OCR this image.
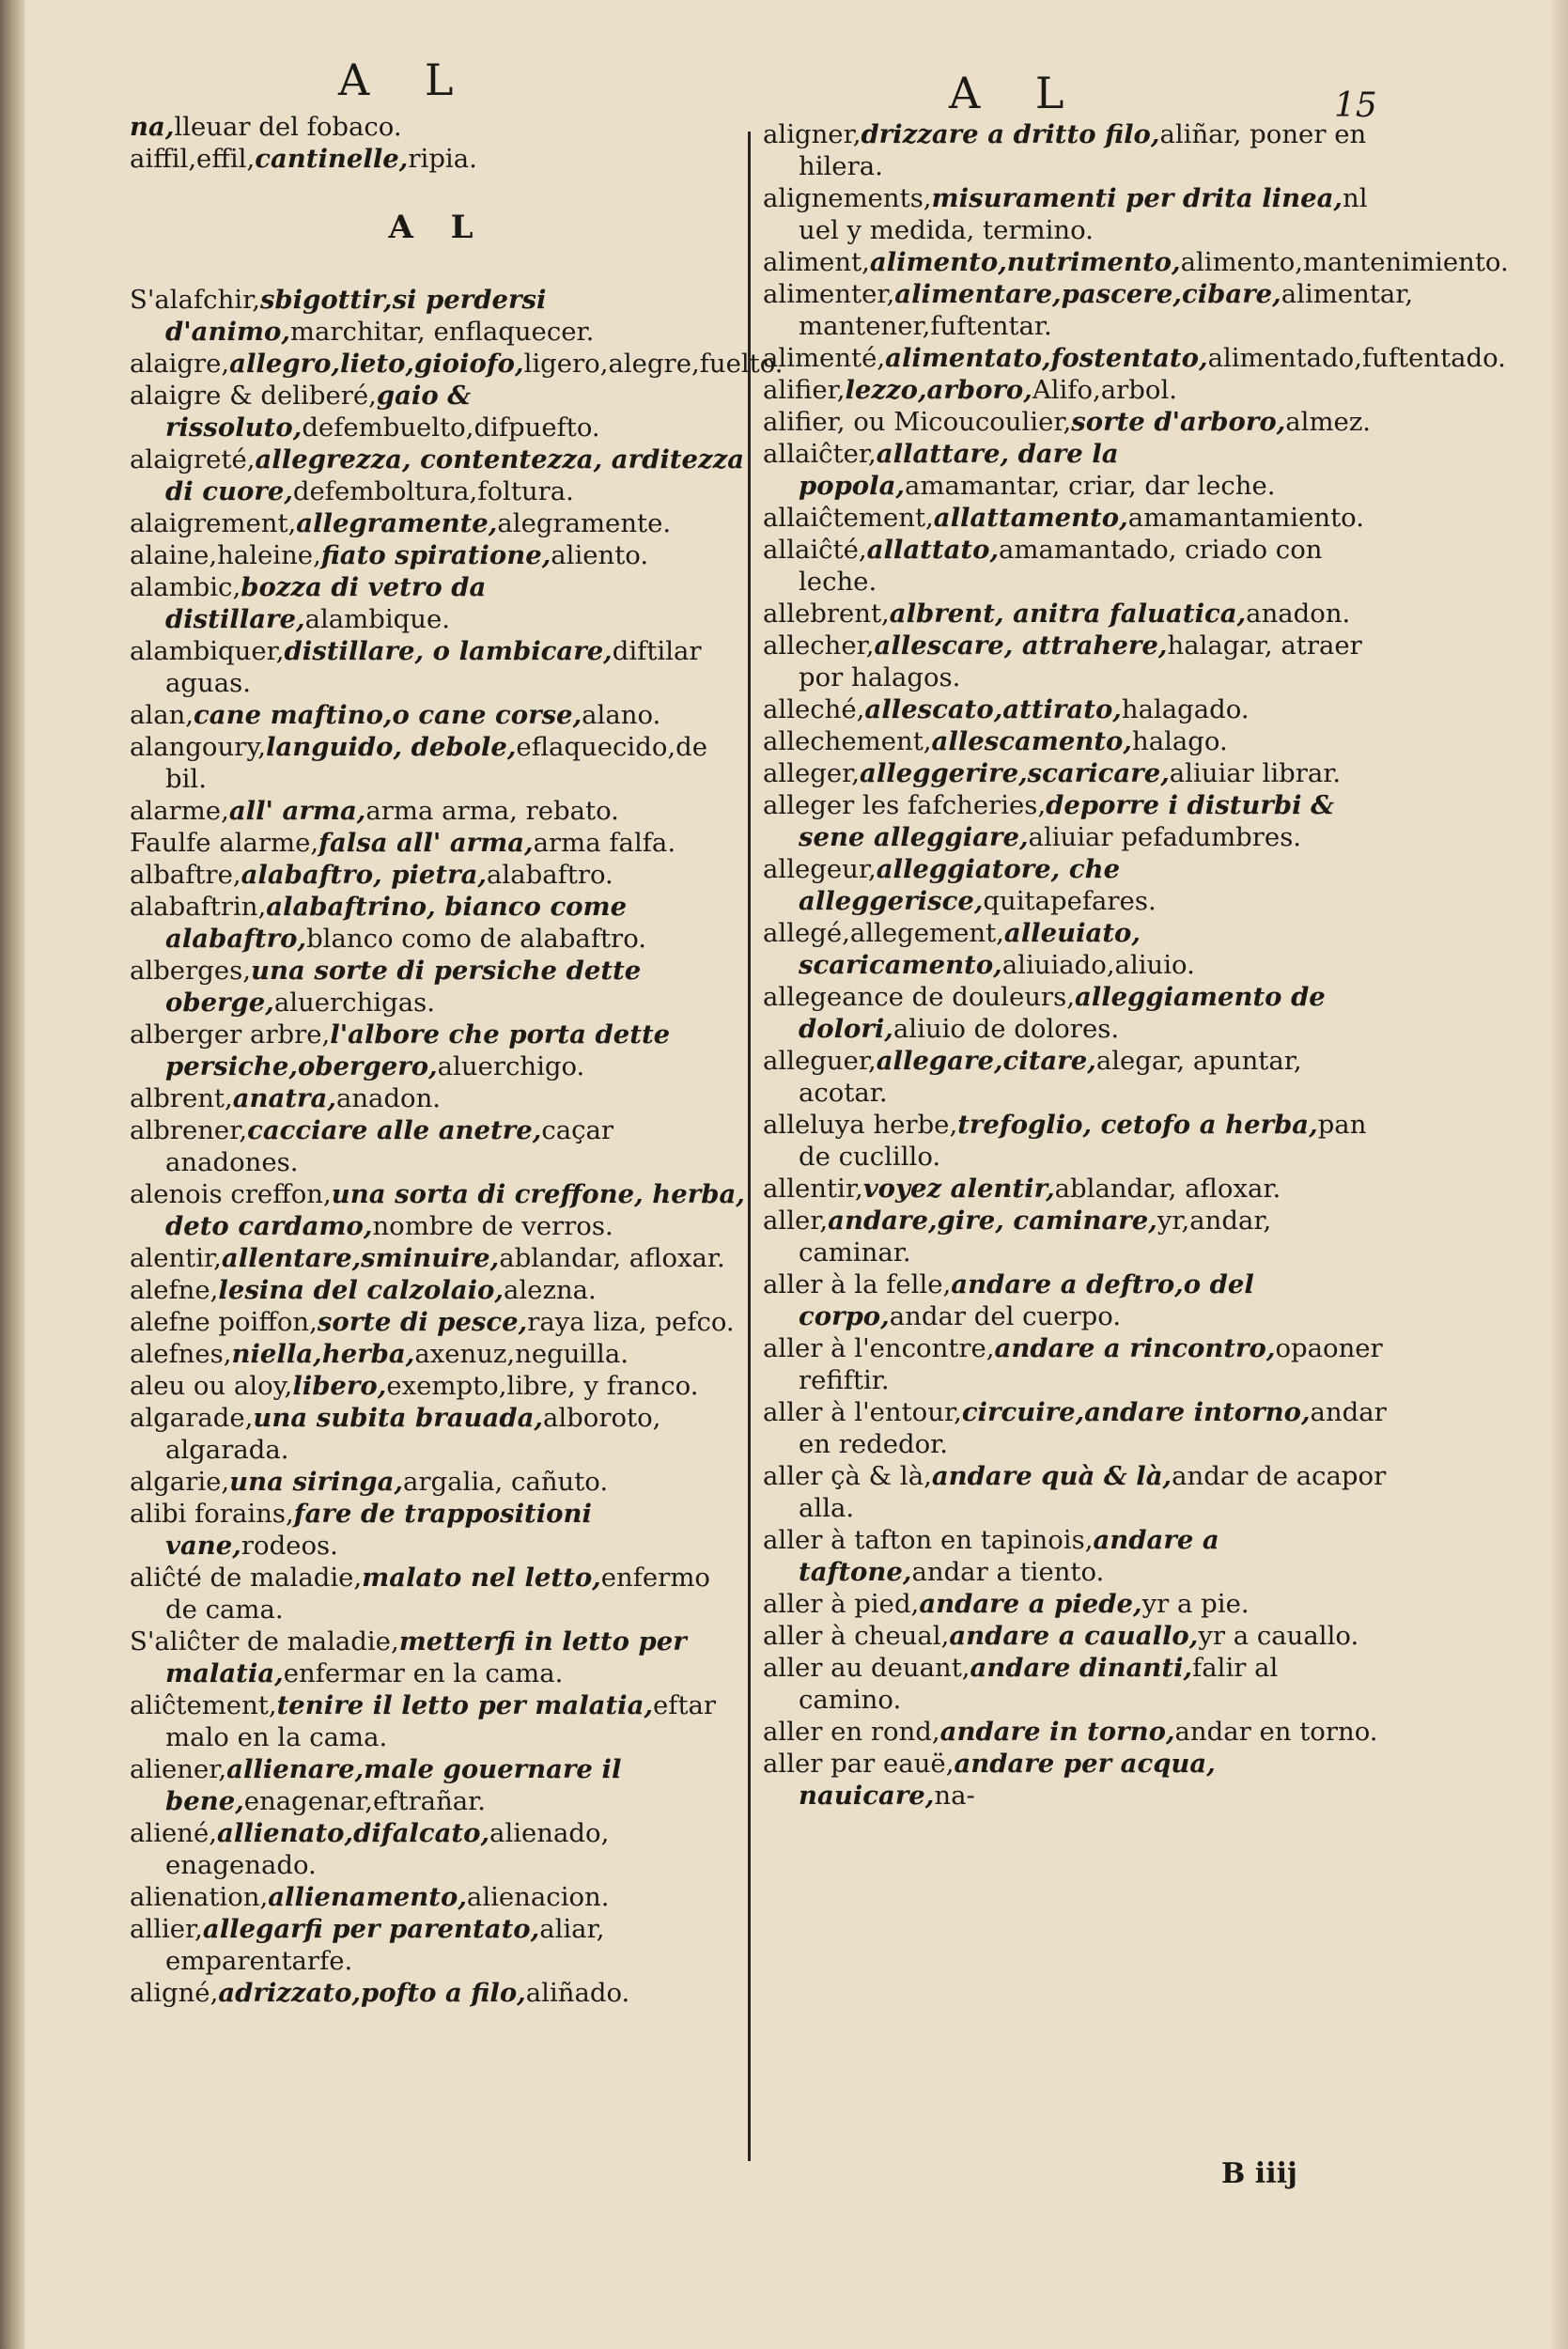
A L	A L	15

na,lleuar del fobaco.

aiffil,effil,cantinelle,ripia.

A L

S'alafchir,sbigottir,si perdersi d'animo,marchitar, enflaquecer.

alaigre,allegro,lieto,gioiofo,ligero,alegre,fuelto.

alaigre & deliberé,gaio & rissoluto,defembuelto,difpuefto.

alaigreté,allegrezza, contentezza, arditezza di cuore,defemboltura,foltura.

alaigrement,allegramente,alegramente.

alaine,haleine,fiato spiratione,aliento.

alambic,bozza di vetro da distillare,alambique.

alambiquer,distillare, o lambicare,diftilar aguas.

alan,cane maftino,o cane corse,alano.

alangoury,languido, debole,eflaquecido,de bil.

alarme,all' arma,arma arma, rebato.

Faulfe alarme,falsa all' arma,arma falfa.

albaftre,alabaftro, pietra,alabaftro.

alabaftrin,alabaftrino, bianco come alabaftro,blanco como de alabaftro.

alberges,una sorte di persiche dette oberge,aluerchigas.

alberger arbre,l'albore che porta dette persiche,obergero,aluerchigo.

albrent,anatra,anadon.

albrener,cacciare alle anetre,caçar anadones.

alenois creffon,una sorta di creffone, herba, deto cardamo,nombre de verros.

alentir,allentare,sminuire,ablandar, afloxar.

alefne,lesina del calzolaio,alezna.

alefne poiffon,sorte di pesce,raya liza, pefco.

alefnes,niella,herba,axenuz,neguilla.

aleu ou aloy,libero,exempto,libre, y franco.

algarade,una subita brauada,alboroto, algarada.

algarie,una siringa,argalia, cañuto.

alibi forains,fare de trappositioni vane,rodeos.

aliĉté de maladie,malato nel letto,enfermo de cama.

S'aliĉter de maladie,metterfi in letto per malatia,enfermar en la cama.

aliĉtement,tenire il letto per malatia,eftar malo en la cama.

aliener,allienare,male gouernare il bene,enagenar,eftrañar.

aliené,allienato,difalcato,alienado, enagenado.

alienation,allienamento,alienacion.

allier,allegarfi per parentato,aliar, emparentarfe.

aligné,adrizzato,pofto a filo,aliñado.

aligner,drizzare a dritto filo,aliñar, poner en hilera.

alignements,misuramenti per drita linea,nl uel y medida, termino.

aliment,alimento,nutrimento,alimento,mantenimiento.

alimenter,alimentare,pascere,cibare,alimentar, mantener,fuftentar.

alimenté,alimentato,fostentato,alimentado,fuftentado.

alifier,lezzo,arboro,Alifo,arbol.

alifier, ou Micoucoulier,sorte d'arboro,almez.

allaiĉter,allattare, dare la popola,amamantar, criar, dar leche.

allaiĉtement,allattamento,amamantamiento.

allaiĉté,allattato,amamantado, criado con leche.

allebrent,albrent, anitra faluatica,anadon.

allecher,allescare, attrahere,halagar, atraer por halagos.

alleché,allescato,attirato,halagado.

allechement,allescamento,halago.

alleger,alleggerire,scaricare,aliuiar librar.

alleger les fafcheries,deporre i disturbi & sene alleggiare,aliuiar pefadumbres.

allegeur,alleggiatore, che alleggerisce,quitapefares.

allegé,allegement,alleuiato, scaricamento,aliuiado,aliuio.

allegeance de douleurs,alleggiamento de dolori,aliuio de dolores.

alleguer,allegare,citare,alegar, apuntar, acotar.

alleluya herbe,trefoglio, cetofo a herba,pan de cuclillo.

allentir,voyez alentir,ablandar, afloxar.

aller,andare,gire, caminare,yr,andar, caminar.

aller à la felle,andare a deftro,o del corpo,andar del cuerpo.

aller à l'encontre,andare a rincontro,opaoner refiftir.

aller à l'entour,circuire,andare intorno,andar en rededor.

aller çà & là,andare quà & là,andar de acapor alla.

aller à tafton en tapinois,andare a taftone,andar a tiento.

aller à pied,andare a piede,yr a pie.

aller à cheual,andare a cauallo,yr a cauallo.

aller au deuant,andare dinanti,falir al camino.

aller en rond,andare in torno,andar en torno.

aller par eauë,andare per acqua, nauicare,na-

B iiij
